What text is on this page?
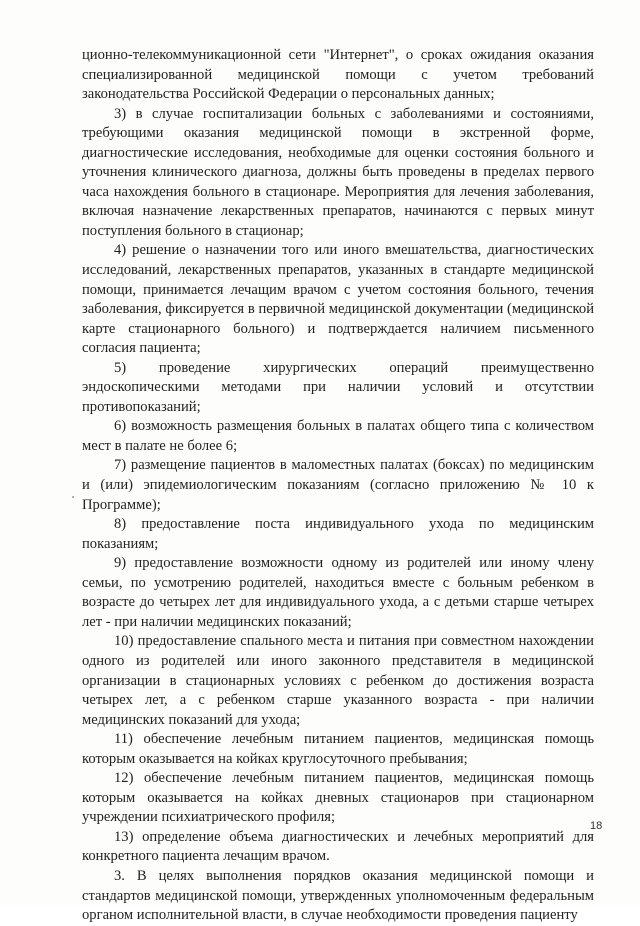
ционно-телекоммуникационной сети "Интернет", о сроках ожидания оказания специализированной медицинской помощи с учетом требований законодательства Российской Федерации о персональных данных;

3) в случае госпитализации больных с заболеваниями и состояниями, требующими оказания медицинской помощи в экстренной форме, диагностические исследования, необходимые для оценки состояния больного и уточнения клинического диагноза, должны быть проведены в пределах первого часа нахождения больного в стационаре. Мероприятия для лечения заболевания, включая назначение лекарственных препаратов, начинаются с первых минут поступления больного в стационар;

4) решение о назначении того или иного вмешательства, диагностических исследований, лекарственных препаратов, указанных в стандарте медицинской помощи, принимается лечащим врачом с учетом состояния больного, течения заболевания, фиксируется в первичной медицинской документации (медицинской карте стационарного больного) и подтверждается наличием письменного согласия пациента;

5) проведение хирургических операций преимущественно эндоскопическими методами при наличии условий и отсутствии противопоказаний;

6) возможность размещения больных в палатах общего типа с количеством мест в палате не более 6;

7) размещение пациентов в маломестных палатах (боксах) по медицинским и (или) эпидемиологическим показаниям (согласно приложению № 10 к Программе);

8) предоставление поста индивидуального ухода по медицинским показаниям;

9) предоставление возможности одному из родителей или иному члену семьи, по усмотрению родителей, находиться вместе с больным ребенком в возрасте до четырех лет для индивидуального ухода, а с детьми старше четырех лет - при наличии медицинских показаний;

10) предоставление спального места и питания при совместном нахождении одного из родителей или иного законного представителя в медицинской организации в стационарных условиях с ребенком до достижения возраста четырех лет, а с ребенком старше указанного возраста - при наличии медицинских показаний для ухода;

11) обеспечение лечебным питанием пациентов, медицинская помощь которым оказывается на койках круглосуточного пребывания;

12) обеспечение лечебным питанием пациентов, медицинская помощь которым оказывается на койках дневных стационаров при стационарном учреждении психиатрического профиля;

13) определение объема диагностических и лечебных мероприятий для конкретного пациента лечащим врачом.

3. В целях выполнения порядков оказания медицинской помощи и стандартов медицинской помощи, утвержденных уполномоченным федеральным органом исполнительной власти, в случае необходимости проведения пациенту

18
